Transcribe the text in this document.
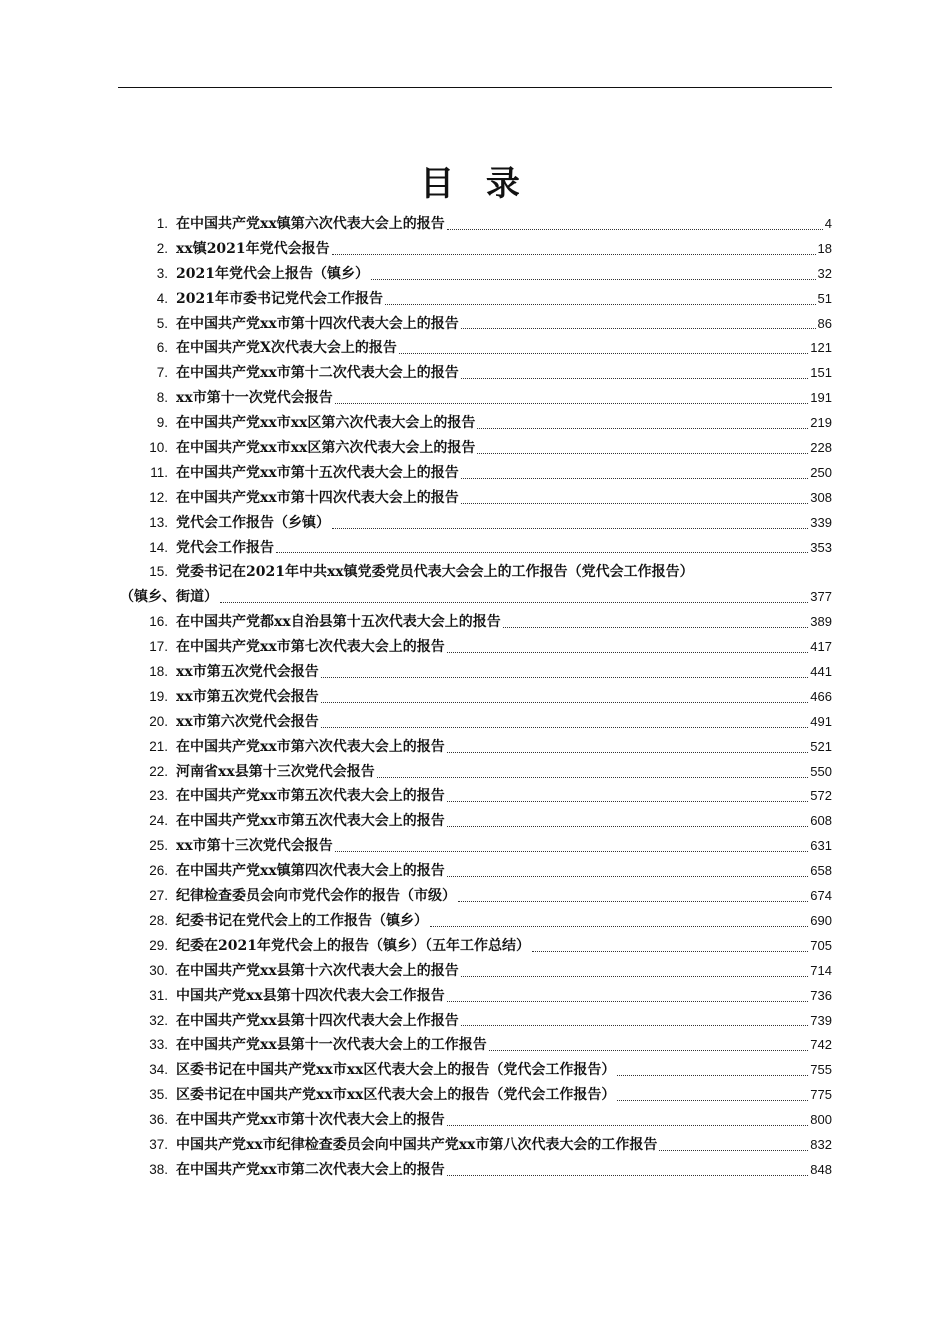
目 录
1. 在中国共产党xx镇第六次代表大会上的报告	4
2. xx镇2021年党代会报告	18
3. 2021年党代会上报告（镇乡）	32
4. 2021年市委书记党代会工作报告	51
5. 在中国共产党xx市第十四次代表大会上的报告	86
6. 在中国共产党X次代表大会上的报告	121
7. 在中国共产党xx市第十二次代表大会上的报告	151
8. xx市第十一次党代会报告	191
9. 在中国共产党xx市xx区第六次代表大会上的报告	219
10. 在中国共产党xx市xx区第六次代表大会上的报告	228
11. 在中国共产党xx市第十五次代表大会上的报告	250
12. 在中国共产党xx市第十四次代表大会上的报告	308
13. 党代会工作报告（乡镇）	339
14. 党代会工作报告	353
15. 党委书记在2021年中共xx镇党委党员代表大会会上的工作报告（党代会工作报告）
（镇乡、街道）	377
16. 在中国共产党都xx自治县第十五次代表大会上的报告	389
17. 在中国共产党xx市第七次代表大会上的报告	417
18. xx市第五次党代会报告	441
19. xx市第五次党代会报告	466
20. xx市第六次党代会报告	491
21. 在中国共产党xx市第六次代表大会上的报告	521
22. 河南省xx县第十三次党代会报告	550
23. 在中国共产党xx市第五次代表大会上的报告	572
24. 在中国共产党xx市第五次代表大会上的报告	608
25. xx市第十三次党代会报告	631
26. 在中国共产党xx镇第四次代表大会上的报告	658
27. 纪律检查委员会向市党代会作的报告（市级）	674
28. 纪委书记在党代会上的工作报告（镇乡）	690
29. 纪委在2021年党代会上的报告（镇乡）（五年工作总结）	705
30. 在中国共产党xx县第十六次代表大会上的报告	714
31. 中国共产党xx县第十四次代表大会工作报告	736
32. 在中国共产党xx县第十四次代表大会上作报告	739
33. 在中国共产党xx县第十一次代表大会上的工作报告	742
34. 区委书记在中国共产党xx市xx区代表大会上的报告（党代会工作报告）	755
35. 区委书记在中国共产党xx市xx区代表大会上的报告（党代会工作报告）	775
36. 在中国共产党xx市第十次代表大会上的报告	800
37. 中国共产党xx市纪律检查委员会向中国共产党xx市第八次代表大会的工作报告	832
38. 在中国共产党xx市第二次代表大会上的报告	848
